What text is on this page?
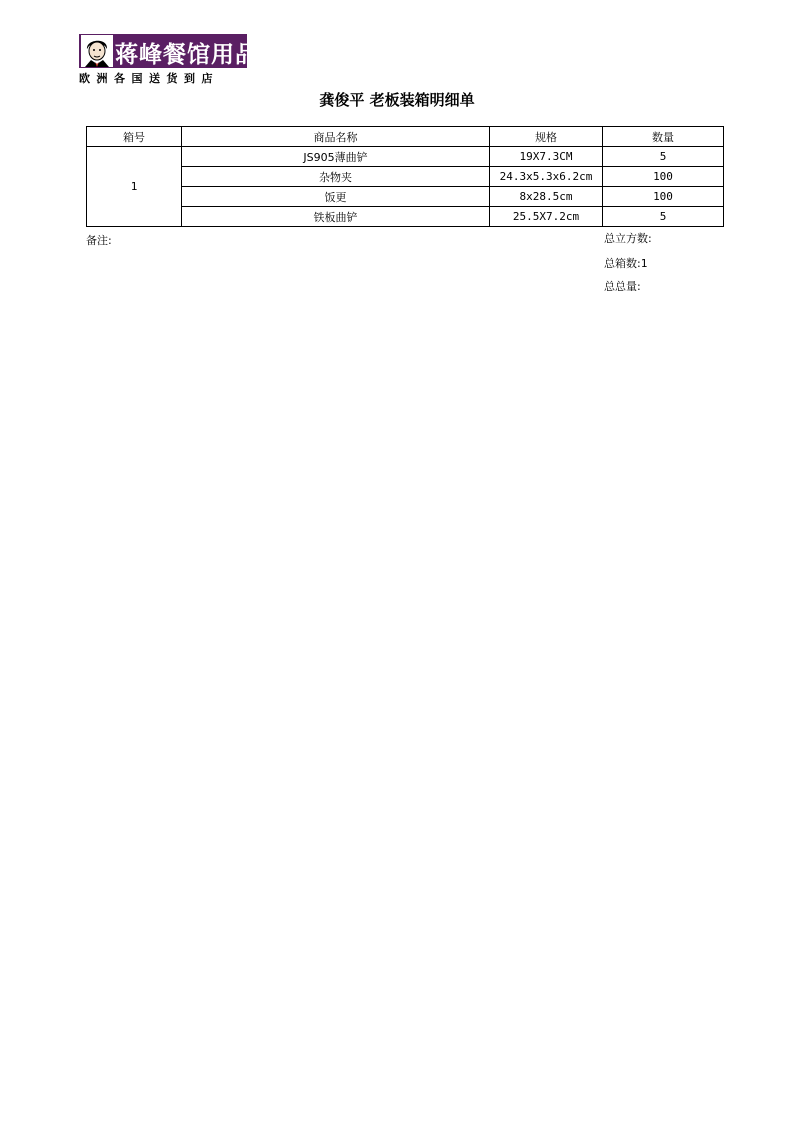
蒋峰餐馆用品
欧洲各国送货到店
龚俊平 老板装箱明细单
箱号	商品名称	规格	数量
1	JS905薄曲铲	19X7.3CM	5
	杂物夹	24.3x5.3x6.2cm	100
	饭更	8x28.5cm	100
	铁板曲铲	25.5X7.2cm	5
备注:	总立方数:
总箱数:1
总总量:
